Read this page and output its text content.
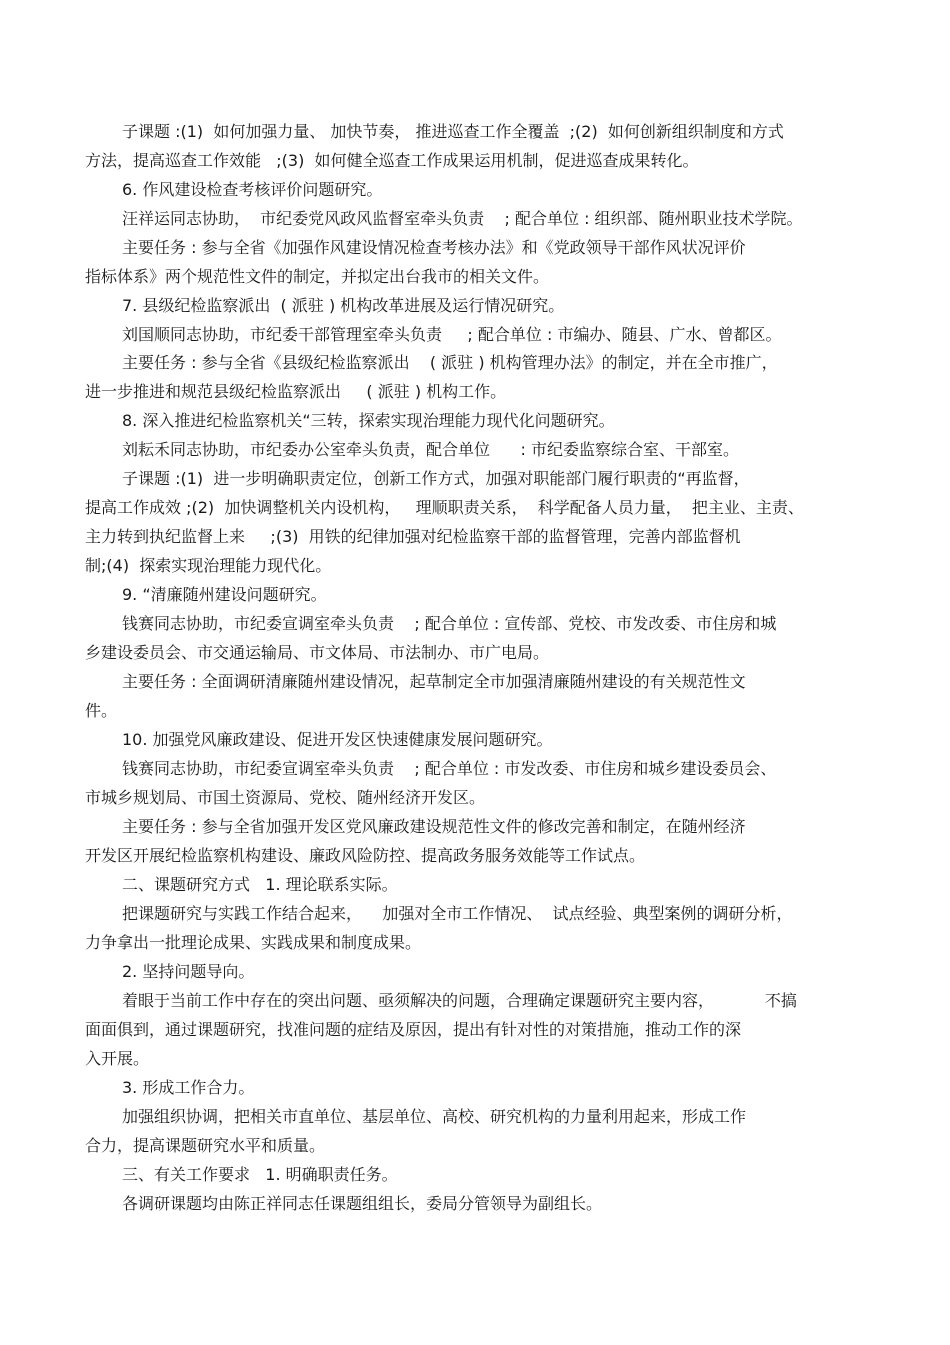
子课题 :(1)  如何加强力量、 加快节奏， 推进巡查工作全覆盖  ;(2)  如何创新组织制度和方式

方法，提高巡查工作效能   ;(3)  如何健全巡查工作成果运用机制，促进巡查成果转化。

6. 作风建设检查考核评价问题研究。

汪祥运同志协助，  市纪委党风政风监督室牵头负责    ; 配合单位 : 组织部、随州职业技术学院。

主要任务 : 参与全省《加强作风建设情况检查考核办法》和《党政领导干部作风状况评价

指标体系》两个规范性文件的制定，并拟定出台我市的相关文件。

7. 县级纪检监察派出  ( 派驻 ) 机构改革进展及运行情况研究。

刘国顺同志协助，市纪委干部管理室牵头负责     ; 配合单位 : 市编办、随县、广水、曾都区。

主要任务 : 参与全省《县级纪检监察派出    ( 派驻 ) 机构管理办法》的制定，并在全市推广，

进一步推进和规范县级纪检监察派出     ( 派驻 ) 机构工作。

8. 深入推进纪检监察机关“三转，探索实现治理能力现代化问题研究。

刘耘禾同志协助，市纪委办公室牵头负责，配合单位      : 市纪委监察综合室、干部室。

子课题 :(1)  进一步明确职责定位，创新工作方式，加强对职能部门履行职责的“再监督，

提高工作成效 ;(2)  加快调整机关内设机构，   理顺职责关系，  科学配备人员力量，  把主业、主责、

主力转到执纪监督上来     ;(3)  用铁的纪律加强对纪检监察干部的监督管理，完善内部监督机

制;(4)  探索实现治理能力现代化。

9. “清廉随州建设问题研究。

钱赛同志协助，市纪委宣调室牵头负责    ; 配合单位 : 宣传部、党校、市发改委、市住房和城

乡建设委员会、市交通运输局、市文体局、市法制办、市广电局。

主要任务 : 全面调研清廉随州建设情况，起草制定全市加强清廉随州建设的有关规范性文

件。

10. 加强党风廉政建设、促进开发区快速健康发展问题研究。

钱赛同志协助，市纪委宣调室牵头负责    ; 配合单位 : 市发改委、市住房和城乡建设委员会、

市城乡规划局、市国土资源局、党校、随州经济开发区。

主要任务 : 参与全省加强开发区党风廉政建设规范性文件的修改完善和制定，在随州经济

开发区开展纪检监察机构建设、廉政风险防控、提高政务服务效能等工作试点。

二、课题研究方式   1. 理论联系实际。

把课题研究与实践工作结合起来，    加强对全市工作情况、  试点经验、典型案例的调研分析，

力争拿出一批理论成果、实践成果和制度成果。

2. 坚持问题导向。

着眼于当前工作中存在的突出问题、亟须解决的问题，合理确定课题研究主要内容，          不搞

面面俱到，通过课题研究，找准问题的症结及原因，提出有针对性的对策措施，推动工作的深

入开展。

3. 形成工作合力。

加强组织协调，把相关市直单位、基层单位、高校、研究机构的力量利用起来，形成工作

合力，提高课题研究水平和质量。

三、有关工作要求   1. 明确职责任务。

各调研课题均由陈正祥同志任课题组组长，委局分管领导为副组长。
